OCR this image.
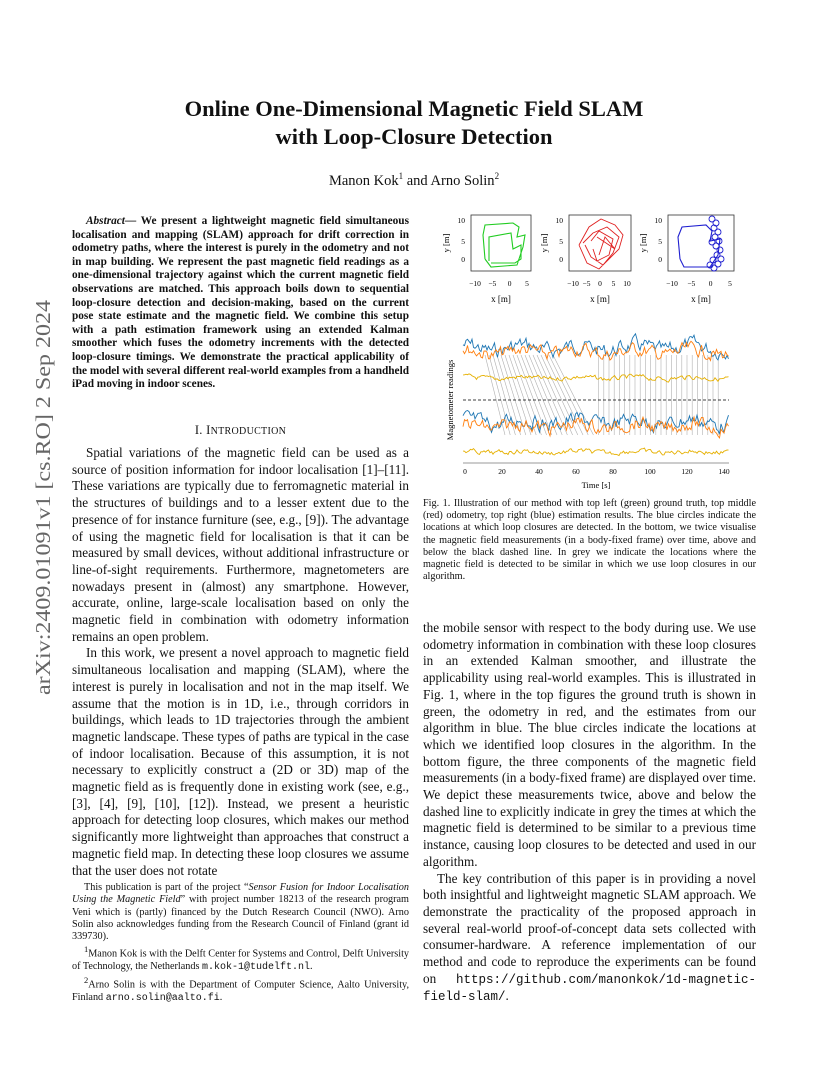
arXiv:2409.01091v1 [cs.RO] 2 Sep 2024
Online One-Dimensional Magnetic Field SLAM
with Loop-Closure Detection
Manon Kok$^1$ and Arno Solin$^2$
Abstract— We present a lightweight magnetic field simultaneous localisation and mapping (SLAM) approach for drift correction in odometry paths, where the interest is purely in the odometry and not in map building. We represent the past magnetic field readings as a one-dimensional trajectory against which the current magnetic field observations are matched. This approach boils down to sequential loop-closure detection and decision-making, based on the current pose state estimate and the magnetic field. We combine this setup with a path estimation framework using an extended Kalman smoother which fuses the odometry increments with the detected loop-closure timings. We demonstrate the practical applicability of the model with several different real-world examples from a handheld iPad moving in indoor scenes.
I. INTRODUCTION

Spatial variations of the magnetic field can be used as a source of position information for indoor localisation [1]–[11]. These variations are typically due to ferromagnetic material in the structures of buildings and to a lesser extent due to the presence of for instance furniture (see, e.g., [9]). The advantage of using the magnetic field for localisation is that it can be measured by small devices, without additional infrastructure or line-of-sight requirements. Furthermore, magnetometers are nowadays present in (almost) any smartphone. However, accurate, online, large-scale localisation based on only the magnetic field in combination with odometry information remains an open problem.

In this work, we present a novel approach to magnetic field simultaneous localisation and mapping (SLAM), where the interest is purely in localisation and not in the map itself. We assume that the motion is in 1D, i.e., through corridors in buildings, which leads to 1D trajectories through the ambient magnetic landscape. These types of paths are typical in the case of indoor localisation. Because of this assumption, it is not necessary to explicitly construct a (2D or 3D) map of the magnetic field as is frequently done in existing work (see, e.g., [3], [4], [9], [10], [12]). Instead, we present a heuristic approach for detecting loop closures, which makes our method significantly more lightweight than approaches that construct a magnetic field map. In detecting these loop closures we assume that the user does not rotate

This publication is part of the project “Sensor Fusion for Indoor Localisation Using the Magnetic Field” with project number 18213 of the research program Veni which is (partly) financed by the Dutch Research Council (NWO). Arno Solin also acknowledges funding from the Research Council of Finland (grant id 339730).

$^1$Manon Kok is with the Delft Center for Systems and Control, Delft University of Technology, the Netherlands m.kok-1@tudelft.nl.

$^2$Arno Solin is with the Department of Computer Science, Aalto University, Finland arno.solin@aalto.fi.

10
5
0
y [m]
−10 −5 0 5
x [m]
10
5
0
y [m]
−10 −5 0 5 10
x [m]
10
5
0
y [m]
−10 −5 0 5
x [m]
Magnetometer readings
0	20	40	60	80	100	120	140
Time [s]
Fig. 1. Illustration of our method with top left (green) ground truth, top middle (red) odometry, top right (blue) estimation results. The blue circles indicate the locations at which loop closures are detected. In the bottom, we twice visualise the magnetic field measurements (in a body-fixed frame) over time, above and below the black dashed line. In grey we indicate the locations where the magnetic field is detected to be similar in which we use loop closures in our algorithm.

the mobile sensor with respect to the body during use. We use odometry information in combination with these loop closures in an extended Kalman smoother, and illustrate the applicability using real-world examples. This is illustrated in Fig. 1, where in the top figures the ground truth is shown in green, the odometry in red, and the estimates from our algorithm in blue. The blue circles indicate the locations at which we identified loop closures in the algorithm. In the bottom figure, the three components of the magnetic field measurements (in a body-fixed frame) are displayed over time. We depict these measurements twice, above and below the dashed line to explicitly indicate in grey the times at which the magnetic field is determined to be similar to a previous time instance, causing loop closures to be detected and used in our algorithm.

The key contribution of this paper is in providing a novel both insightful and lightweight magnetic SLAM approach. We demonstrate the practicality of the proposed approach in several real-world proof-of-concept data sets collected with consumer-hardware. A reference implementation of our method and code to reproduce the experiments can be found on https://github.com/manonkok/1d-magnetic-field-slam/.
